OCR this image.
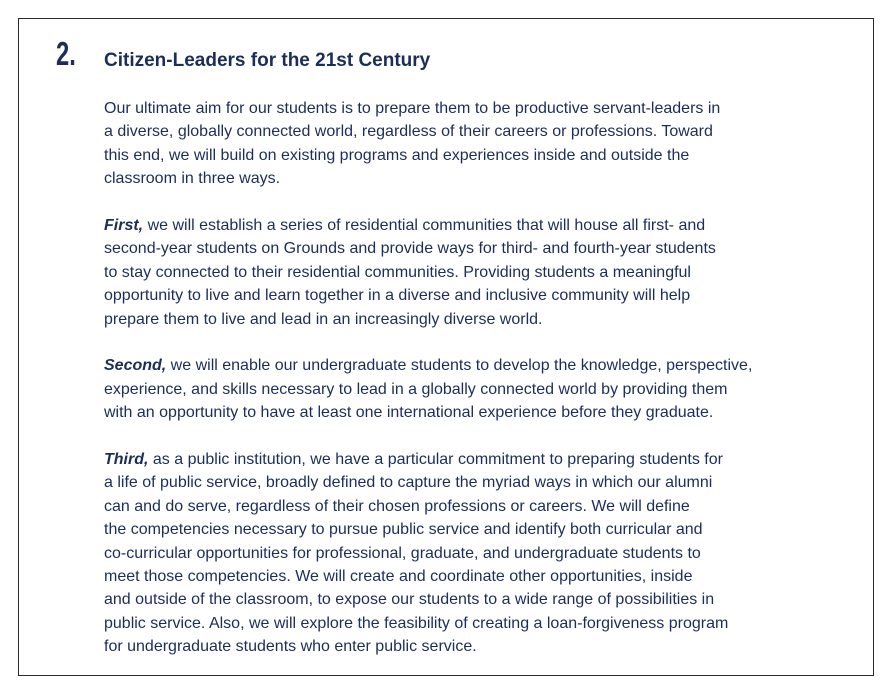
2. Citizen-Leaders for the 21st Century

Our ultimate aim for our students is to prepare them to be productive servant-leaders in
a diverse, globally connected world, regardless of their careers or professions. Toward
this end, we will build on existing programs and experiences inside and outside the
classroom in three ways.

First, we will establish a series of residential communities that will house all first- and
second-year students on Grounds and provide ways for third- and fourth-year students
to stay connected to their residential communities. Providing students a meaningful
opportunity to live and learn together in a diverse and inclusive community will help
prepare them to live and lead in an increasingly diverse world.

Second, we will enable our undergraduate students to develop the knowledge, perspective,
experience, and skills necessary to lead in a globally connected world by providing them
with an opportunity to have at least one international experience before they graduate.

Third, as a public institution, we have a particular commitment to preparing students for
a life of public service, broadly defined to capture the myriad ways in which our alumni
can and do serve, regardless of their chosen professions or careers. We will define
the competencies necessary to pursue public service and identify both curricular and
co-curricular opportunities for professional, graduate, and undergraduate students to
meet those competencies. We will create and coordinate other opportunities, inside
and outside of the classroom, to expose our students to a wide range of possibilities in
public service. Also, we will explore the feasibility of creating a loan-forgiveness program
for undergraduate students who enter public service.
